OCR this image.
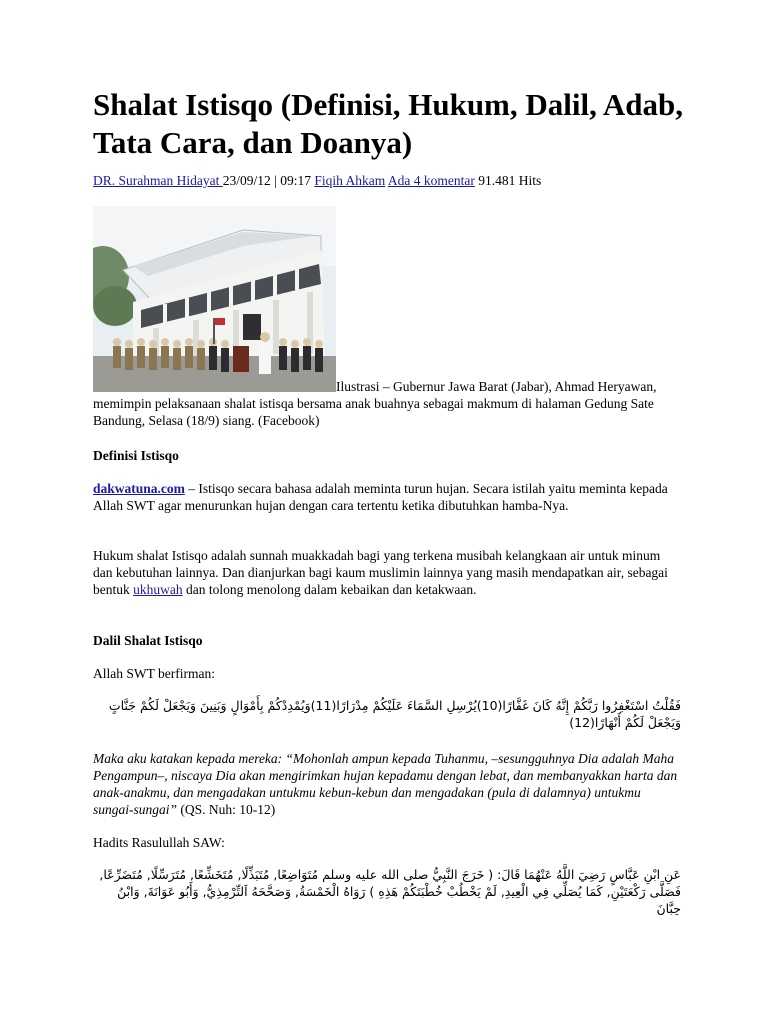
Shalat Istisqo (Definisi, Hukum, Dalil, Adab, Tata Cara, dan Doanya)
DR. Surahman Hidayat 23/09/12 | 09:17 Fiqih Ahkam Ada 4 komentar 91.481 Hits
Ilustrasi – Gubernur Jawa Barat (Jabar), Ahmad Heryawan, memimpin pelaksanaan shalat istisqa bersama anak buahnya sebagai makmum di halaman Gedung Sate Bandung, Selasa (18/9) siang. (Facebook)
Definisi Istisqo

dakwatuna.com – Istisqo secara bahasa adalah meminta turun hujan. Secara istilah yaitu meminta kepada Allah SWT agar menurunkan hujan dengan cara tertentu ketika dibutuhkan hamba-Nya.

Hukum shalat Istisqo adalah sunnah muakkadah bagi yang terkena musibah kelangkaan air untuk minum dan kebutuhan lainnya. Dan dianjurkan bagi kaum muslimin lainnya yang masih mendapatkan air, sebagai bentuk ukhuwah dan tolong menolong dalam kebaikan dan ketakwaan.

Dalil Shalat Istisqo
Allah SWT berfirman:

فَقُلْتُ اسْتَغْفِرُوا رَبَّكُمْ إِنَّهُ كَانَ غَفَّارًا(10)يُرْسِلِ السَّمَاءَ عَلَيْكُمْ مِدْرَارًا(11)وَيُمْدِدْكُمْ بِأَمْوَالٍ وَبَنِينَ وَيَجْعَلْ لَكُمْ جَنَّاتٍ وَيَجْعَلْ لَكُمْ أَنْهَارًا(12)

Maka aku katakan kepada mereka: “Mohonlah ampun kepada Tuhanmu, –sesungguhnya Dia adalah Maha Pengampun–, niscaya Dia akan mengirimkan hujan kepadamu dengan lebat, dan membanyakkan harta dan anak-anakmu, dan mengadakan untukmu kebun-kebun dan mengadakan (pula di dalamnya) untukmu sungai-sungai” (QS. Nuh: 10-12)

Hadits Rasulullah SAW:

عَنِ ابْنِ عَبَّاسٍ رَضِيَ اللَّهُ عَنْهُمَا قَالَ: ( خَرَجَ النَّبِيُّ صلى الله عليه وسلم مُتَوَاضِعًا, مُتَبَذِّلًا, مُتَخَشِّعًا, مُتَرَسِّلًا, مُتَضَرِّعًا, فَصَلَّى رَكْعَتَيْنِ, كَمَا يُصَلِّي فِي الْعِيدِ, لَمْ يَخْطُبْ خُطْبَتَكُمْ هَذِهِ ) رَوَاهُ الْخَمْسَةُ, وَصَحَّحَهُ اَلتِّرْمِذِيُّ, وَأَبُو عَوَانَةَ, وَابْنُ حِبَّانَ
